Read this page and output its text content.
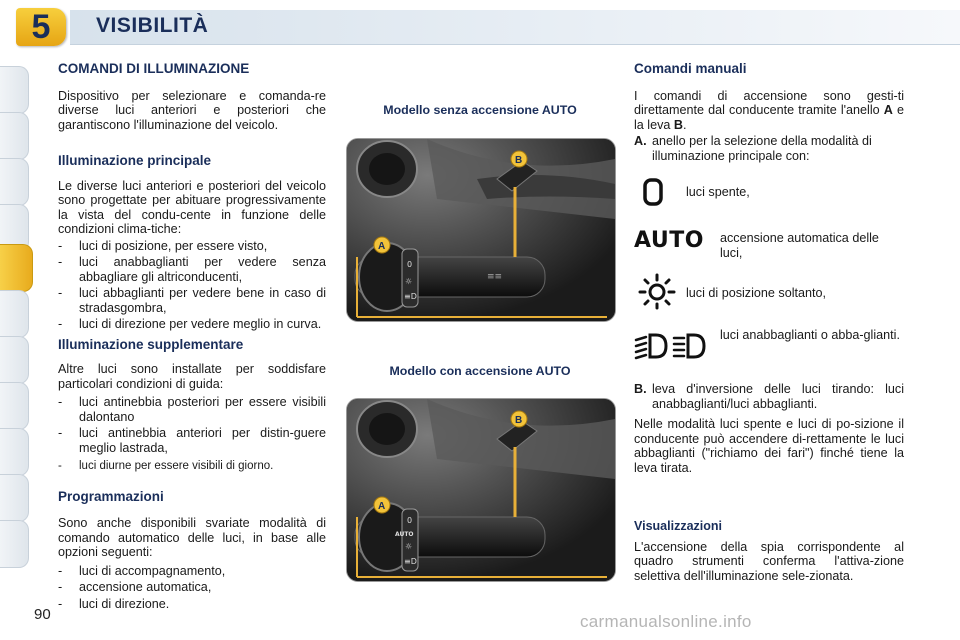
5	VISIBILITÀ
COMANDI DI ILLUMINAZIONE

Dispositivo per selezionare e comanda-re diverse luci anteriori e posteriori che garantiscono l'illuminazione del veicolo.

Illuminazione principale

Le diverse luci anteriori e posteriori del veicolo sono progettate per abituare progressivamente la vista del condu-cente in funzione delle condizioni clima-tiche:

- luci di posizione, per essere visto,
- luci anabbaglianti per vedere senza abbagliare gli altriconducenti,
- luci abbaglianti per vedere bene in caso di stradasgombra,
- luci di direzione per vedere meglio in curva.
Illuminazione supplementare

Altre luci sono installate per soddisfare particolari condizioni di guida:

- luci antinebbia posteriori per essere visibili dalontano
- luci antinebbia anteriori per distin-guere meglio lastrada,
- luci diurne per essere visibili di giorno.
Programmazioni

Sono anche disponibili svariate modalità di comando automatico delle luci, in base alle opzioni seguenti:

- luci di accompagnamento,
- accensione automatica,
- luci di direzione.
Modello senza accensione AUTO
0
☼
≡D
≡≡
B
A
Modello con accensione AUTO
0
AUTO
☼
≡D
B
A
Comandi manuali

I comandi di accensione sono gesti-ti direttamente dal conducente tramite l'anello A e la leva B.

A. anello per la selezione della modalità di illuminazione principale con:
luci spente,
AUTO accensione automatica delle luci,
luci di posizione soltanto,
luci anabbaglianti o abba-glianti.
B. leva d'inversione delle luci tirando: luci anabbaglianti/luci abbaglianti.

Nelle modalità luci spente e luci di po-sizione il conducente può accendere di-rettamente le luci abbaglianti ("richiamo dei fari") finché tiene la leva tirata.

Visualizzazioni

L'accensione della spia corrispondente al quadro strumenti conferma l'attiva-zione selettiva dell'illuminazione sele-zionata.

90	carmanualsonline.info
